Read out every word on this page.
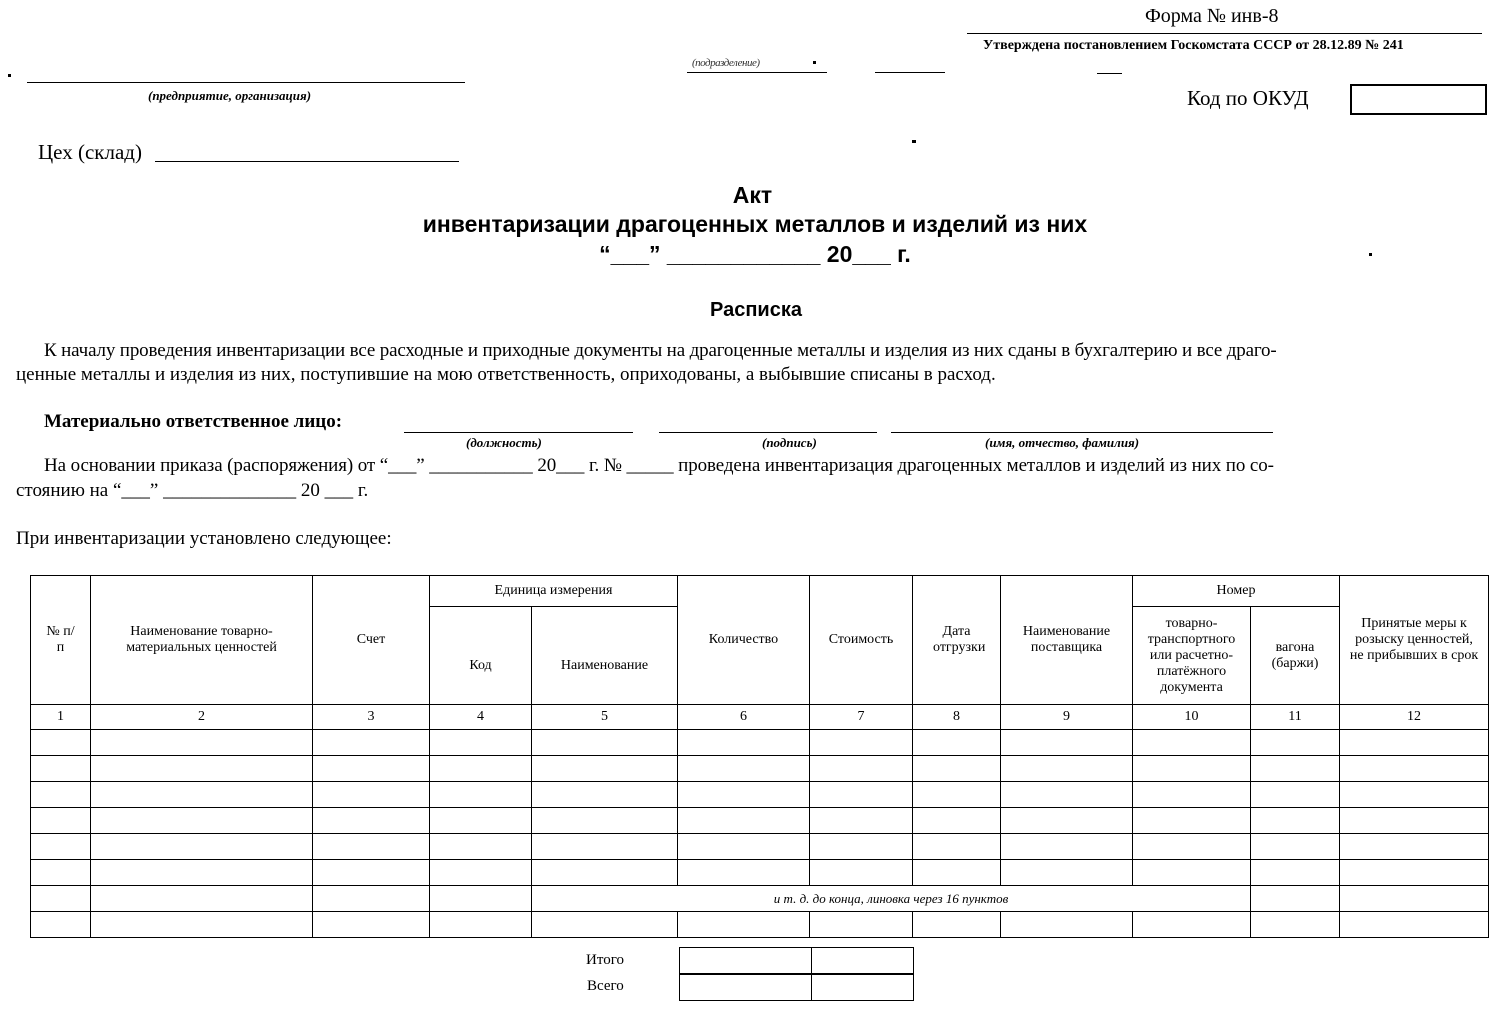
Форма № инв-8
Утверждена постановлением Госкомстата СССР от 28.12.89 № 241
(предприятие, организация)
(подразделение)
Код по ОКУД
Цех (склад)
Акт
инвентаризации драгоценных металлов и изделий из них
“___” ____________ 20___ г.
Расписка
К началу проведения инвентаризации все расходные и приходные документы на драгоценные металлы и изделия из них сданы в бухгалтерию и все драго-
ценные металлы и изделия из них, поступившие на мою ответственность, оприходованы, а выбывшие списаны в расход.
Материально ответственное лицо:
(должность)	(подпись)	(имя, отчество, фамилия)
На основании приказа (распоряжения) от “___” ___________ 20___ г. № _____ проведена инвентаризация драгоценных металлов и изделий из них по со-
стоянию на “___” ______________ 20 ___ г.
При инвентаризации установлено следующее:
№ п/п	Наименование товарно-материальных ценностей	Счет	Единица измерения		Количество	Стоимость	Дата отгрузки	Наименование поставщика	Номер		Принятые меры к розыску ценностей, не прибывших в срок
			Код	Наименование					товарно-транспортного или расчетно-платёжного документа	вагона (баржи)	
1	2	3	4	5	6	7	8	9	10	11	12

				и т. д. до конца, линовка через 16 пунктов							

Итого
Всего
